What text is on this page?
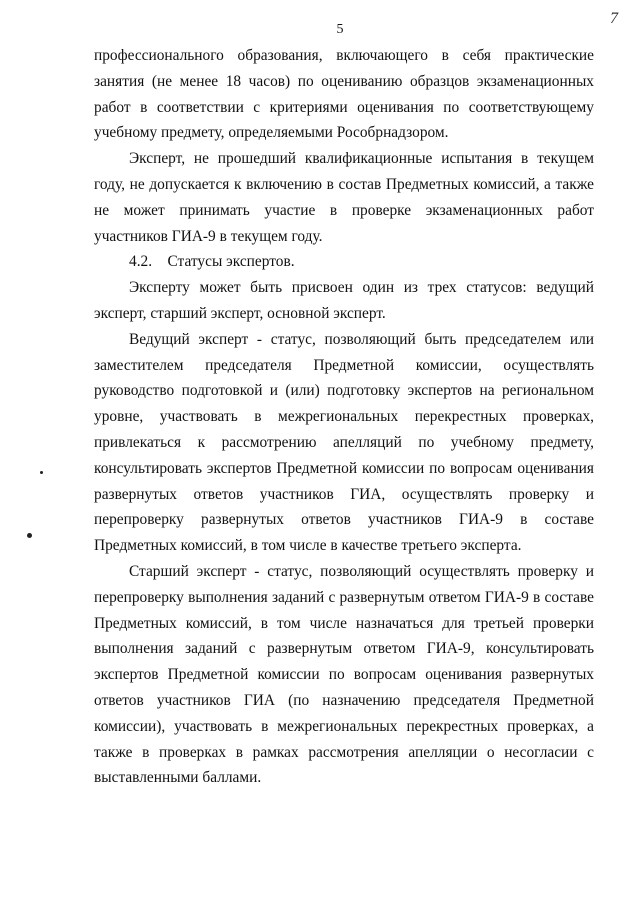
5
7

профессионального образования, включающего в себя практические занятия (не менее 18 часов) по оцениванию образцов экзаменационных работ в соответствии с критериями оценивания по соответствующему учебному предмету, определяемыми Рособрнадзором.

Эксперт, не прошедший квалификационные испытания в текущем году, не допускается к включению в состав Предметных комиссий, а также не может принимать участие в проверке экзаменационных работ участников ГИА-9 в текущем году.

4.2. Статусы экспертов.

Эксперту может быть присвоен один из трех статусов: ведущий эксперт, старший эксперт, основной эксперт.

Ведущий эксперт - статус, позволяющий быть председателем или заместителем председателя Предметной комиссии, осуществлять руководство подготовкой и (или) подготовку экспертов на региональном уровне, участвовать в межрегиональных перекрестных проверках, привлекаться к рассмотрению апелляций по учебному предмету, консультировать экспертов Предметной комиссии по вопросам оценивания развернутых ответов участников ГИА, осуществлять проверку и перепроверку развернутых ответов участников ГИА-9 в составе Предметных комиссий, в том числе в качестве третьего эксперта.

Старший эксперт - статус, позволяющий осуществлять проверку и перепроверку выполнения заданий с развернутым ответом ГИА-9 в составе Предметных комиссий, в том числе назначаться для третьей проверки выполнения заданий с развернутым ответом ГИА-9, консультировать экспертов Предметной комиссии по вопросам оценивания развернутых ответов участников ГИА (по назначению председателя Предметной комиссии), участвовать в межрегиональных перекрестных проверках, а также в проверках в рамках рассмотрения апелляции о несогласии с выставленными баллами.
